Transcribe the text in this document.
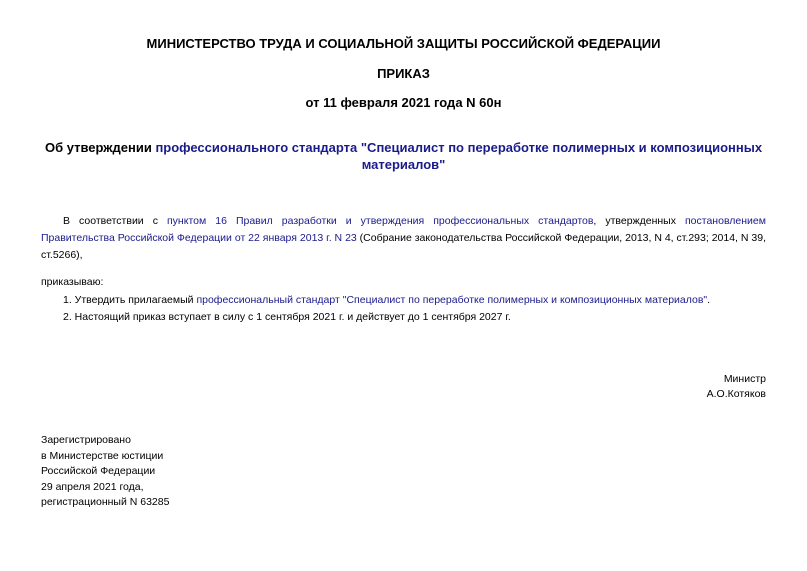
МИНИСТЕРСТВО ТРУДА И СОЦИАЛЬНОЙ ЗАЩИТЫ РОССИЙСКОЙ ФЕДЕРАЦИИ
ПРИКАЗ
от 11 февраля 2021 года N 60н
Об утверждении профессионального стандарта "Специалист по переработке полимерных и композиционных материалов"
В соответствии с пунктом 16 Правил разработки и утверждения профессиональных стандартов, утвержденных постановлением Правительства Российской Федерации от 22 января 2013 г. N 23 (Собрание законодательства Российской Федерации, 2013, N 4, ст.293; 2014, N 39, ст.5266),
приказываю:
1. Утвердить прилагаемый профессиональный стандарт "Специалист по переработке полимерных и композиционных материалов".
2. Настоящий приказ вступает в силу с 1 сентября 2021 г. и действует до 1 сентября 2027 г.
Министр
А.О.Котяков
Зарегистрировано
в Министерстве юстиции
Российской Федерации
29 апреля 2021 года,
регистрационный N 63285
